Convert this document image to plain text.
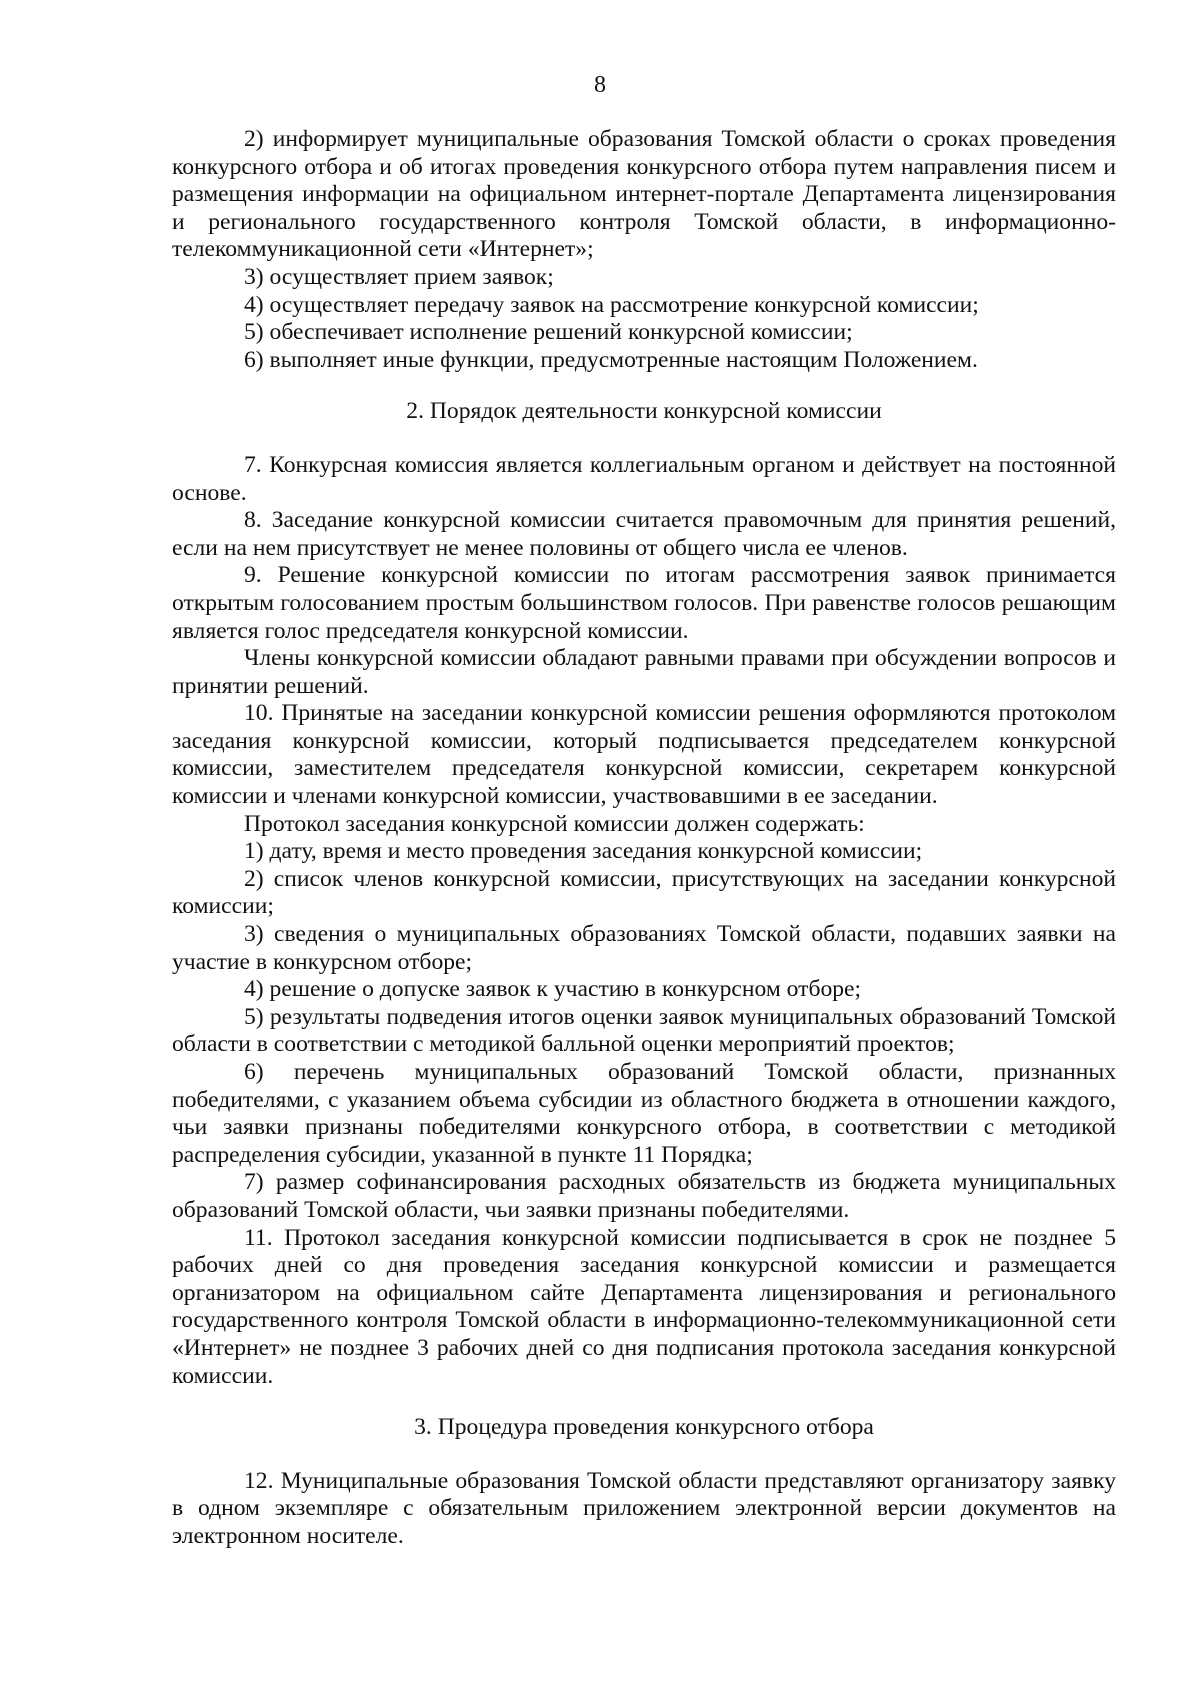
8

2) информирует муниципальные образования Томской области о сроках проведения конкурсного отбора и об итогах проведения конкурсного отбора путем направления писем и размещения информации на официальном интернет-портале Департамента лицензирования и регионального государственного контроля Томской области, в информационно-телекоммуникационной сети «Интернет»;

3) осуществляет прием заявок;

4) осуществляет передачу заявок на рассмотрение конкурсной комиссии;

5) обеспечивает исполнение решений конкурсной комиссии;

6) выполняет иные функции, предусмотренные настоящим Положением.

2. Порядок деятельности конкурсной комиссии

7. Конкурсная комиссия является коллегиальным органом и действует на постоянной основе.

8. Заседание конкурсной комиссии считается правомочным для принятия решений, если на нем присутствует не менее половины от общего числа ее членов.

9. Решение конкурсной комиссии по итогам рассмотрения заявок принимается открытым голосованием простым большинством голосов. При равенстве голосов решающим является голос председателя конкурсной комиссии.

Члены конкурсной комиссии обладают равными правами при обсуждении вопросов и принятии решений.

10. Принятые на заседании конкурсной комиссии решения оформляются протоколом заседания конкурсной комиссии, который подписывается председателем конкурсной комиссии, заместителем председателя конкурсной комиссии, секретарем конкурсной комиссии и членами конкурсной комиссии, участвовавшими в ее заседании.

Протокол заседания конкурсной комиссии должен содержать:

1) дату, время и место проведения заседания конкурсной комиссии;

2) список членов конкурсной комиссии, присутствующих на заседании конкурсной комиссии;

3) сведения о муниципальных образованиях Томской области, подавших заявки на участие в конкурсном отборе;

4) решение о допуске заявок к участию в конкурсном отборе;

5) результаты подведения итогов оценки заявок муниципальных образований Томской области в соответствии с методикой балльной оценки мероприятий проектов;

6) перечень муниципальных образований Томской области, признанных победителями, с указанием объема субсидии из областного бюджета в отношении каждого, чьи заявки признаны победителями конкурсного отбора, в соответствии с методикой распределения субсидии, указанной в пункте 11 Порядка;

7) размер софинансирования расходных обязательств из бюджета муниципальных образований Томской области, чьи заявки признаны победителями.

11. Протокол заседания конкурсной комиссии подписывается в срок не позднее 5 рабочих дней со дня проведения заседания конкурсной комиссии и размещается организатором на официальном сайте Департамента лицензирования и регионального государственного контроля Томской области в информационно-телекоммуникационной сети «Интернет» не позднее 3 рабочих дней со дня подписания протокола заседания конкурсной комиссии.

3. Процедура проведения конкурсного отбора

12. Муниципальные образования Томской области представляют организатору заявку в одном экземпляре с обязательным приложением электронной версии документов на электронном носителе.
